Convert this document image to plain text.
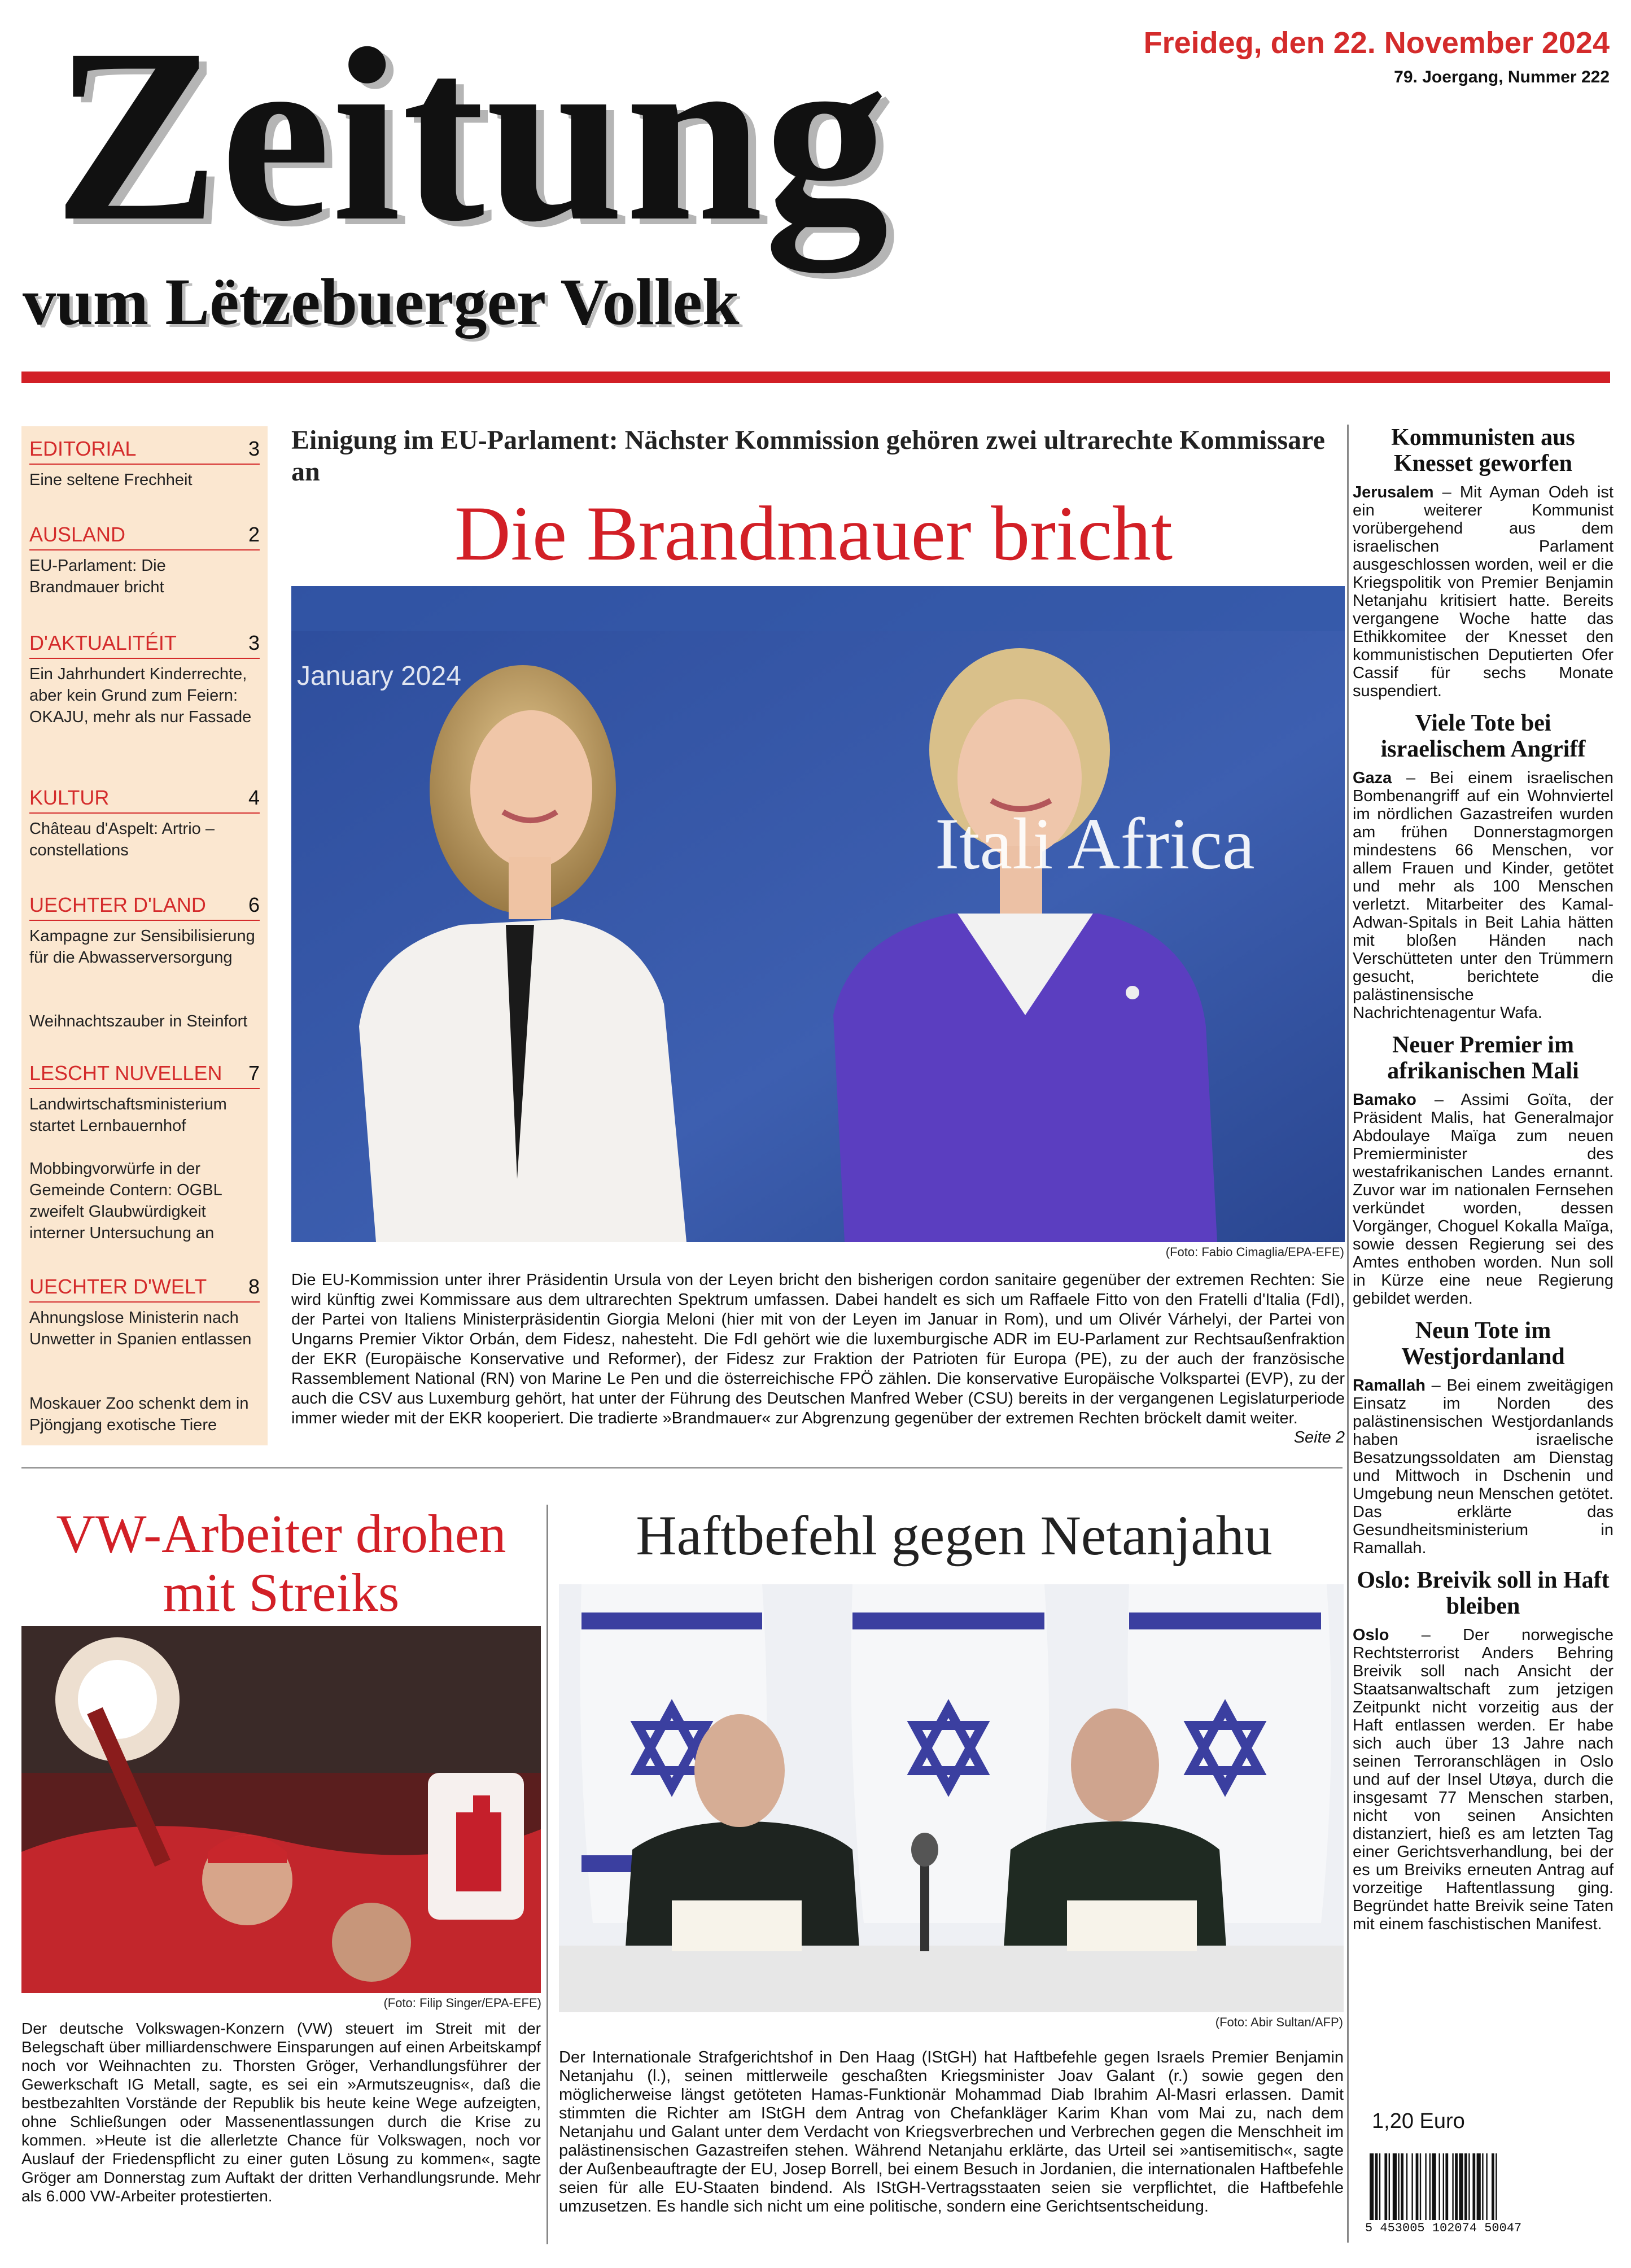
Zeitung
vum Lëtzebuerger Vollek
Freideg, den 22. November 2024
79. Joergang, Nummer 222
EDITORIAL	3
Eine seltene Frechheit
AUSLAND	2
EU-Parlament: Die Brandmauer bricht
D'AKTUALITÉIT	3
Ein Jahrhundert Kinderrechte, aber kein Grund zum Feiern: OKAJU, mehr als nur Fassade
KULTUR	4
Château d'Aspelt: Artrio – constellations
UECHTER D'LAND 6
Kampagne zur Sensibilisierung für die Abwasserversorgung
Weihnachtszauber in Steinfort
LESCHT NUVELLEN 7
Landwirtschaftsministerium startet Lernbauernhof
Mobbingvorwürfe in der Gemeinde Contern: OGBL zweifelt Glaubwürdigkeit interner Untersuchung an
UECHTER D'WELT 8
Ahnungslose Ministerin nach Unwetter in Spanien entlassen
Moskauer Zoo schenkt dem in Pjöngjang exotische Tiere
Einigung im EU-Parlament: Nächster Kommission gehören zwei ultrarechte Kommissare an
Die Brandmauer bricht
Itali Africa
January 2024
(Foto: Fabio Cimaglia/EPA-EFE)
Die EU-Kommission unter ihrer Präsidentin Ursula von der Leyen bricht den bisherigen cordon sanitaire gegenüber der extremen Rechten: Sie wird künftig zwei Kommissare aus dem ultrarechten Spektrum umfassen. Dabei handelt es sich um Raffaele Fitto von den Fratelli d'Italia (FdI), der Partei von Italiens Ministerpräsidentin Giorgia Meloni (hier mit von der Leyen im Januar in Rom), und um Olivér Várhelyi, der Partei von Ungarns Premier Viktor Orbán, dem Fidesz, nahesteht. Die FdI gehört wie die luxemburgische ADR im EU-Parlament zur Rechtsaußenfraktion der EKR (Europäische Konservative und Reformer), der Fidesz zur Fraktion der Patrioten für Europa (PE), zu der auch der französische Rassemblement National (RN) von Marine Le Pen und die österreichische FPÖ zählen. Die konservative Europäische Volkspartei (EVP), zu der auch die CSV aus Luxemburg gehört, hat unter der Führung des Deutschen Manfred Weber (CSU) bereits in der vergangenen Legislaturperiode immer wieder mit der EKR kooperiert. Die tradierte »Brandmauer« zur Abgrenzung gegenüber der extremen Rechten bröckelt damit weiter.
Seite 2
Kommunisten aus Knesset geworfen
Jerusalem – Mit Ayman Odeh ist ein weiterer Kommunist vorübergehend aus dem israelischen Parlament ausgeschlossen worden, weil er die Kriegspolitik von Premier Benjamin Netanjahu kritisiert hatte. Bereits vergangene Woche hatte das Ethikkomitee der Knesset den kommunistischen Deputierten Ofer Cassif für sechs Monate suspendiert.
Viele Tote bei israelischem Angriff
Gaza – Bei einem israelischen Bombenangriff auf ein Wohnviertel im nördlichen Gazastreifen wurden am frühen Donnerstagmorgen mindestens 66 Menschen, vor allem Frauen und Kinder, getötet und mehr als 100 Menschen verletzt. Mitarbeiter des Kamal-Adwan-Spitals in Beit Lahia hätten mit bloßen Händen nach Verschütteten unter den Trümmern gesucht, berichtete die palästinensische Nachrichtenagentur Wafa.
Neuer Premier im afrikanischen Mali
Bamako – Assimi Goïta, der Präsident Malis, hat Generalmajor Abdoulaye Maïga zum neuen Premierminister des westafrikanischen Landes ernannt. Zuvor war im nationalen Fernsehen verkündet worden, dessen Vorgänger, Choguel Kokalla Maïga, sowie dessen Regierung sei des Amtes enthoben worden. Nun soll in Kürze eine neue Regierung gebildet werden.
Neun Tote im Westjordanland
Ramallah – Bei einem zweitägigen Einsatz im Norden des palästinensischen Westjordanlands haben israelische Besatzungssoldaten am Dienstag und Mittwoch in Dschenin und Umgebung neun Menschen getötet. Das erklärte das Gesundheitsministerium in Ramallah.
Oslo: Breivik soll in Haft bleiben
Oslo – Der norwegische Rechtsterrorist Anders Behring Breivik soll nach Ansicht der Staatsanwaltschaft zum jetzigen Zeitpunkt nicht vorzeitig aus der Haft entlassen werden. Er habe sich auch über 13 Jahre nach seinen Terroranschlägen in Oslo und auf der Insel Utøya, durch die insgesamt 77 Menschen starben, nicht von seinen Ansichten distanziert, hieß es am letzten Tag einer Gerichtsverhandlung, bei der es um Breiviks erneuten Antrag auf vorzeitige Haftentlassung ging. Begründet hatte Breivik seine Taten mit einem faschistischen Manifest.
VW-Arbeiter drohen mit Streiks
(Foto: Filip Singer/EPA-EFE)
Der deutsche Volkswagen-Konzern (VW) steuert im Streit mit der Belegschaft über milliardenschwere Einsparungen auf einen Arbeitskampf noch vor Weihnachten zu. Thorsten Gröger, Verhandlungsführer der Gewerkschaft IG Metall, sagte, es sei ein »Armutszeugnis«, daß die bestbezahlten Vorstände der Republik bis heute keine Wege aufzeigten, ohne Schließungen oder Massenentlassungen durch die Krise zu kommen. »Heute ist die allerletzte Chance für Volkswagen, noch vor Auslauf der Friedenspflicht zu einer guten Lösung zu kommen«, sagte Gröger am Donnerstag zum Auftakt der dritten Verhandlungsrunde. Mehr als 6.000 VW-Arbeiter protestierten.
Haftbefehl gegen Netanjahu
(Foto: Abir Sultan/AFP)
Der Internationale Strafgerichtshof in Den Haag (IStGH) hat Haftbefehle gegen Israels Premier Benjamin Netanjahu (l.), seinen mittlerweile geschaßten Kriegsminister Joav Galant (r.) sowie gegen den möglicherweise längst getöteten Hamas-Funktionär Mohammad Diab Ibrahim Al-Masri erlassen. Damit stimmten die Richter am IStGH dem Antrag von Chefankläger Karim Khan vom Mai zu, nach dem Netanjahu und Galant unter dem Verdacht von Kriegsverbrechen und Verbrechen gegen die Menschheit im palästinensischen Gazastreifen stehen. Während Netanjahu erklärte, das Urteil sei »antisemitisch«, sagte der Außenbeauftragte der EU, Josep Borrell, bei einem Besuch in Jordanien, die internationalen Haftbefehle seien für alle EU-Staaten bindend. Als IStGH-Vertragsstaaten seien sie verpflichtet, die Haftbefehle umzusetzen. Es handle sich nicht um eine politische, sondern eine Gerichtsentscheidung.
1,20 Euro
5 453005 102074 50047
